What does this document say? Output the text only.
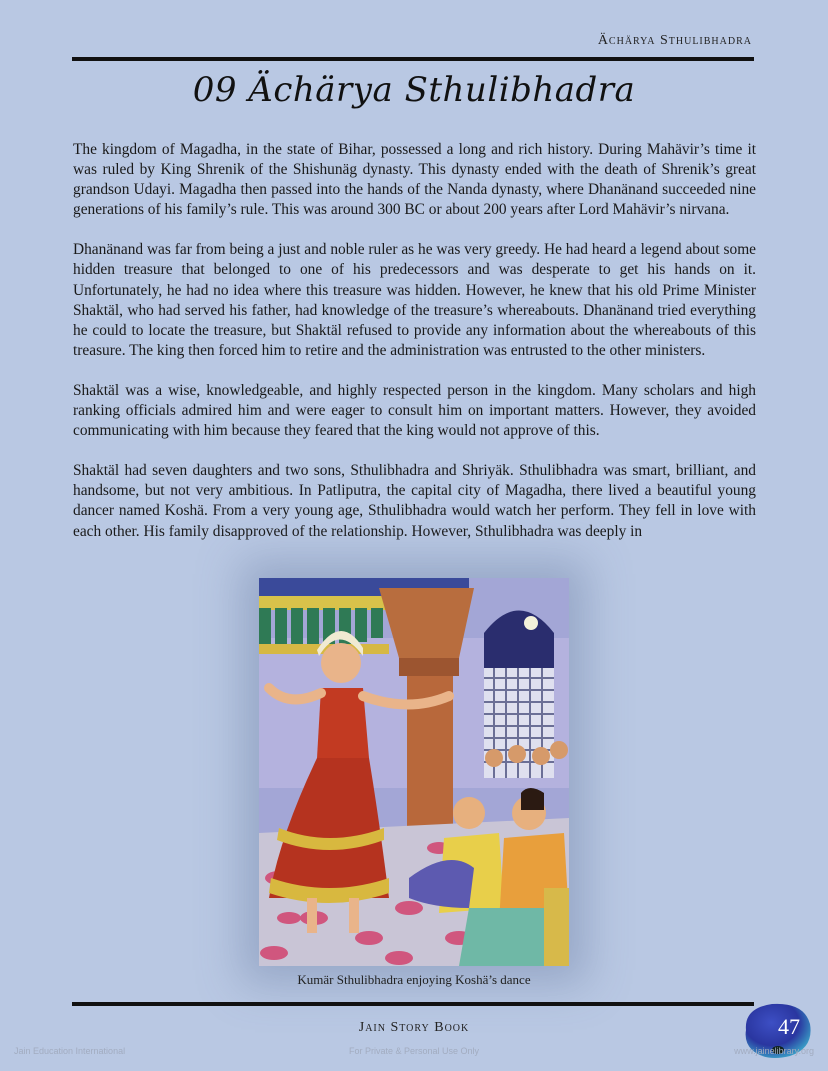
Ächärya Sthulibhadra
09 Ächärya Sthulibhadra

The kingdom of Magadha, in the state of Bihar, possessed a long and rich history. During Mahävir’s time it was ruled by King Shrenik of the Shishunäg dynasty. This dynasty ended with the death of Shrenik’s great grandson Udayi. Magadha then passed into the hands of the Nanda dynasty, where Dhanänand succeeded nine generations of his family’s rule. This was around 300 BC or about 200 years after Lord Mahävir’s nirvana.

Dhanänand was far from being a just and noble ruler as he was very greedy. He had heard a legend about some hidden treasure that belonged to one of his predecessors and was desperate to get his hands on it. Unfortunately, he had no idea where this treasure was hidden. However, he knew that his old Prime Minister Shaktäl, who had served his father, had knowledge of the treasure’s whereabouts. Dhanänand tried everything he could to locate the treasure, but Shaktäl refused to provide any information about the whereabouts of this treasure. The king then forced him to retire and the administration was entrusted to the other ministers.

Shaktäl was a wise, knowledgeable, and highly respected person in the kingdom. Many scholars and high ranking officials admired him and were eager to consult him on important matters. However, they avoided communicating with him because they feared that the king would not approve of this.

Shaktäl had seven daughters and two sons, Sthulibhadra and Shriyäk. Sthulibhadra was smart, brilliant, and handsome, but not very ambitious. In Patliputra, the capital city of Magadha, there lived a beautiful young dancer named Koshä. From a very young age, Sthulibhadra would watch her perform. They fell in love with each other. His family disapproved of the relationship. However, Sthulibhadra was deeply in

Kumär Sthulibhadra enjoying Koshä’s dance
Jain Story Book	47
Jain Education International	For Private & Personal Use Only	www.jainelibrary.org
